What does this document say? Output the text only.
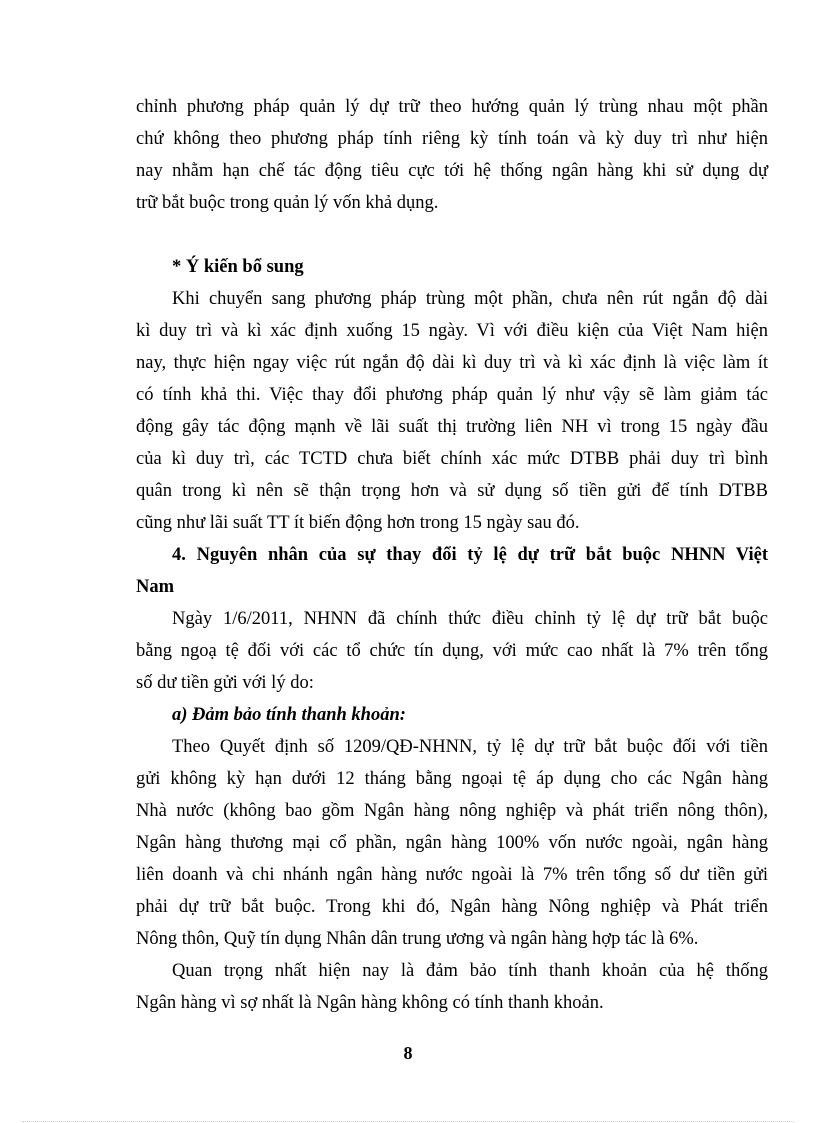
chỉnh phương pháp quản lý dự trữ theo hướng quản lý trùng nhau một phần
chứ không theo phương pháp tính riêng kỳ tính toán và kỳ duy trì như hiện
nay nhằm hạn chế tác động tiêu cực tới hệ thống ngân hàng khi sử dụng dự
trữ bắt buộc trong quản lý vốn khả dụng.
* Ý kiến bổ sung
Khi chuyển sang phương pháp trùng một phần, chưa nên rút ngắn độ dài
kì duy trì và kì xác định xuống 15 ngày. Vì với điều kiện của Việt Nam hiện
nay, thực hiện ngay việc rút ngắn độ dài kì duy trì và kì xác định là việc làm ít
có tính khả thi. Việc thay đổi phương pháp quản lý như vậy sẽ làm giảm tác
động gây tác động mạnh về lãi suất thị trường liên NH vì trong 15 ngày đầu
của kì duy trì, các TCTD chưa biết chính xác mức DTBB phải duy trì bình
quân trong kì nên sẽ thận trọng hơn và sử dụng số tiền gửi để tính DTBB
cũng như lãi suất TT ít biến động hơn trong 15 ngày sau đó.
4. Nguyên nhân của sự thay đổi tỷ lệ dự trữ bắt buộc NHNN Việt
Nam
Ngày 1/6/2011, NHNN đã chính thức điều chỉnh tỷ lệ dự trữ bắt buộc
bằng ngoạ tệ đối với các tổ chức tín dụng, với mức cao nhất là 7% trên tổng
số dư tiền gửi với lý do:
a) Đảm bảo tính thanh khoản:
Theo Quyết định số 1209/QĐ-NHNN, tỷ lệ dự trữ bắt buộc đối với tiền
gửi không kỳ hạn dưới 12 tháng bằng ngoại tệ áp dụng cho các Ngân hàng
Nhà nước (không bao gồm Ngân hàng nông nghiệp và phát triển nông thôn),
Ngân hàng thương mại cổ phần, ngân hàng 100% vốn nước ngoài, ngân hàng
liên doanh và chi nhánh ngân hàng nước ngoài là 7% trên tổng số dư tiền gửi
phải dự trữ bắt buộc. Trong khi đó, Ngân hàng Nông nghiệp và Phát triển
Nông thôn, Quỹ tín dụng Nhân dân trung ương và ngân hàng hợp tác là 6%.
Quan trọng nhất hiện nay là đảm bảo tính thanh khoản của hệ thống
Ngân hàng vì sợ nhất là Ngân hàng không có tính thanh khoản.
8
